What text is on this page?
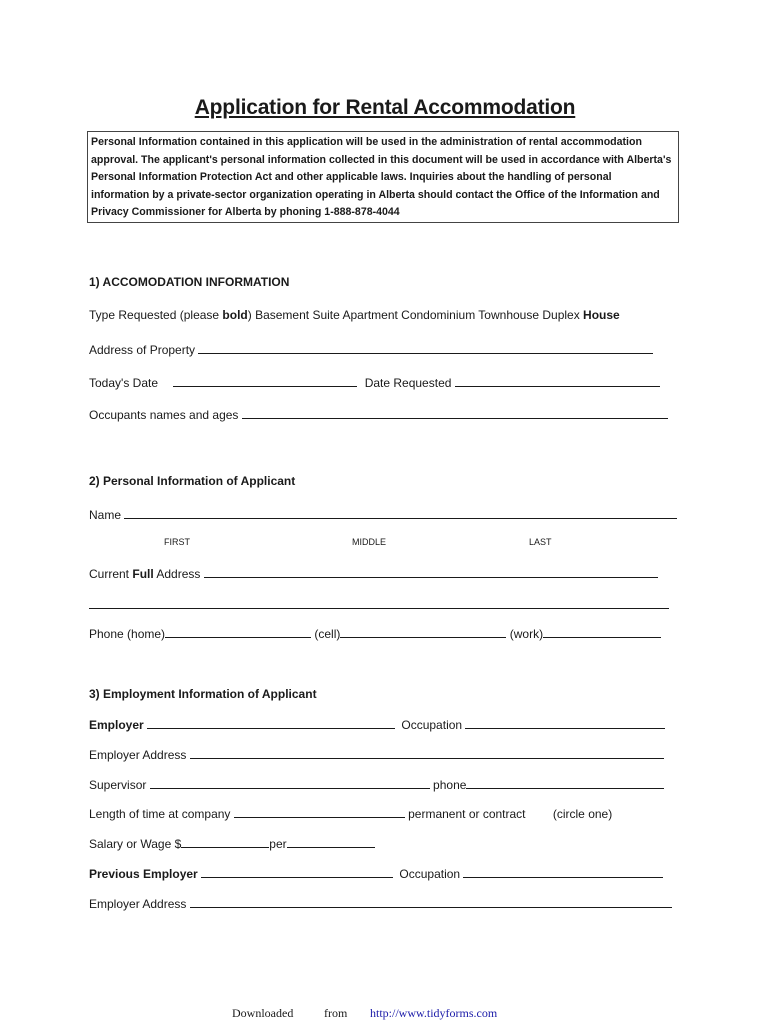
Application for Rental Accommodation
Personal Information contained in this application will be used in the administration of rental accommodation approval. The applicant's personal information collected in this document will be used in accordance with Alberta's Personal Information Protection Act and other applicable laws. Inquiries about the handling of personal information by a private-sector organization operating in Alberta should contact the Office of the Information and Privacy Commissioner for Alberta by phoning 1-888-878-4044
1) ACCOMODATION INFORMATION
Type Requested (please bold) Basement Suite Apartment Condominium Townhouse Duplex House
Address of Property
Today's Date	Date Requested
Occupants names and ages
2) Personal Information of Applicant
Name
FIRST	MIDDLE	LAST
Current Full Address
Phone (home)	(cell)	(work)
3) Employment Information of Applicant
Employer	Occupation
Employer Address
Supervisor	phone
Length of time at company	permanent or contract (circle one)
Salary or Wage $	per
Previous Employer	Occupation
Employer Address
Downloaded	from http://www.tidyforms.com
